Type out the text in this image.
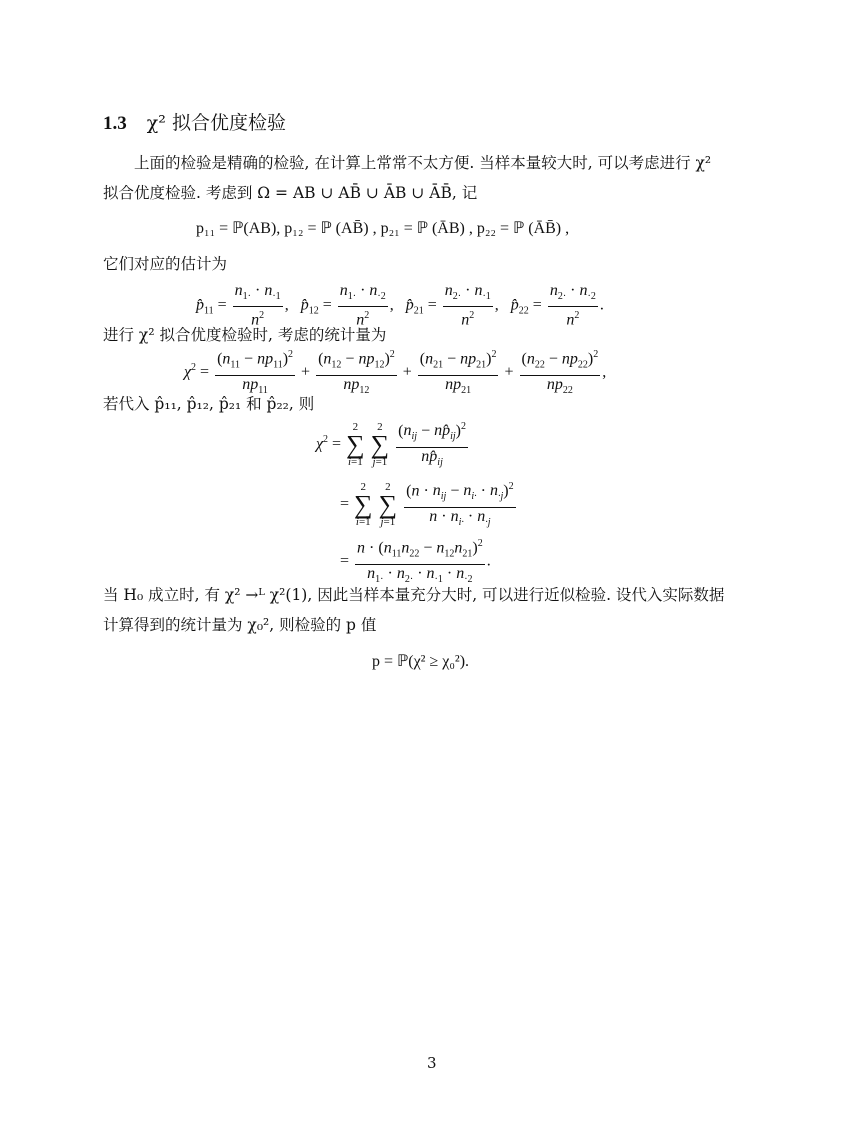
1.3 χ² 拟合优度检验
上面的检验是精确的检验, 在计算上常常不太方便. 当样本量较大时, 可以考虑进行 χ²
拟合优度检验. 考虑到 Ω = AB ∪ AB̄ ∪ ĀB ∪ ĀB̄, 记
p₁₁ = ℙ(AB), p₁₂ = ℙ (AB̄) , p₂₁ = ℙ (ĀB) , p₂₂ = ℙ (ĀB̄) ,
它们对应的估计为
$p̂_{11} = \frac{n_{1\cdot} \cdot n_{\cdot 1}}{n^2}$ ,   $p̂_{12} = \frac{n_{1\cdot} \cdot n_{\cdot 2}}{n^2}$ ,   $p̂_{21} = \frac{n_{2\cdot} \cdot n_{\cdot 1}}{n^2}$ ,   $p̂_{22} = \frac{n_{2\cdot} \cdot n_{\cdot 2}}{n^2}$ .
进行 χ² 拟合优度检验时, 考虑的统计量为
$\chi^2 = \frac{(n_{11} - np_{11})^2}{np_{11}} + \frac{(n_{12} - np_{12})^2}{np_{12}} + \frac{(n_{21} - np_{21})^2}{np_{21}} + \frac{(n_{22} - np_{22})^2}{np_{22}}$ ,
若代入 p̂₁₁, p̂₁₂, p̂₂₁ 和 p̂₂₂, 则
$\chi^2 = 2$
∑
i=1 2
∑
$j=1 \frac{(n_{ij} - np̂_{ij})^2}{np̂_{ij}}$
= 2
∑
i=1 2
∑
$j=1 \frac{(n \cdot n_{ij} - n_{i\cdot} \cdot n_{\cdot j})^2}{n \cdot n_{i\cdot} \cdot n_{\cdot j}}$
= $\frac{n \cdot (n_{11}n_{22} - n_{12}n_{21})^2}{n_{1\cdot} \cdot n_{2\cdot} \cdot n_{\cdot 1} \cdot n_{\cdot 2}}$ .
当 H₀ 成立时, 有 χ² →ᴸ χ²(1), 因此当样本量充分大时, 可以进行近似检验. 设代入实际数据
计算得到的统计量为 χ₀², 则检验的 p 值
p = ℙ(χ² ≥ χ₀²).
3
